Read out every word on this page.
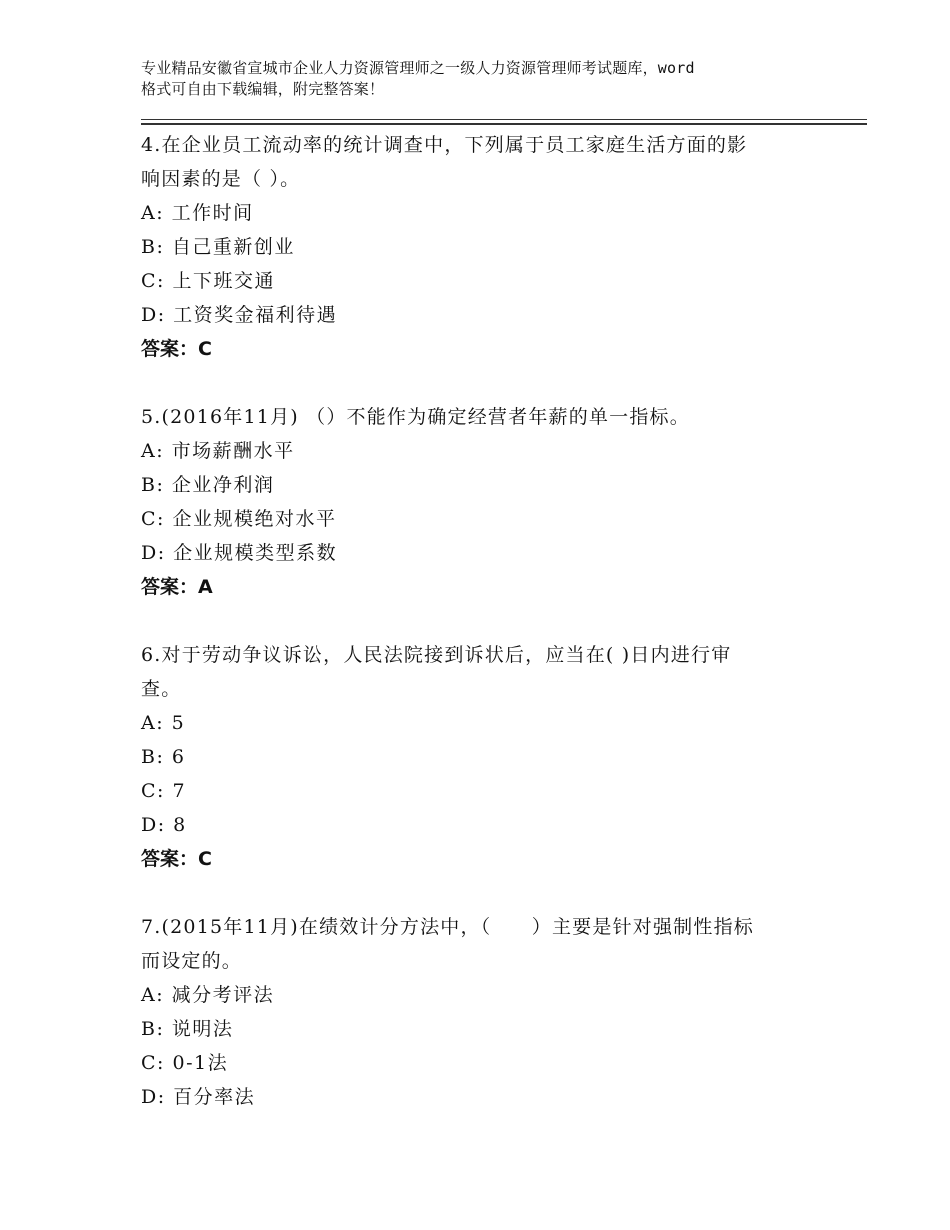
专业精品安徽省宣城市企业人力资源管理师之一级人力资源管理师考试题库，word
格式可自由下载编辑，附完整答案！

4.在企业员工流动率的统计调查中，下列属于员工家庭生活方面的影

响因素的是（ ）。

A: 工作时间

B: 自己重新创业

C: 上下班交通

D: 工资奖金福利待遇

答案：C

5.(2016年11月) （）不能作为确定经营者年薪的单一指标。

A: 市场薪酬水平

B: 企业净利润

C: 企业规模绝对水平

D: 企业规模类型系数

答案：A

6.对于劳动争议诉讼，人民法院接到诉状后，应当在( )日内进行审

查。

A: 5

B: 6

C: 7

D: 8

答案：C

7.(2015年11月)在绩效计分方法中，（　　）主要是针对强制性指标

而设定的。

A: 减分考评法

B: 说明法

C: 0-1法

D: 百分率法
